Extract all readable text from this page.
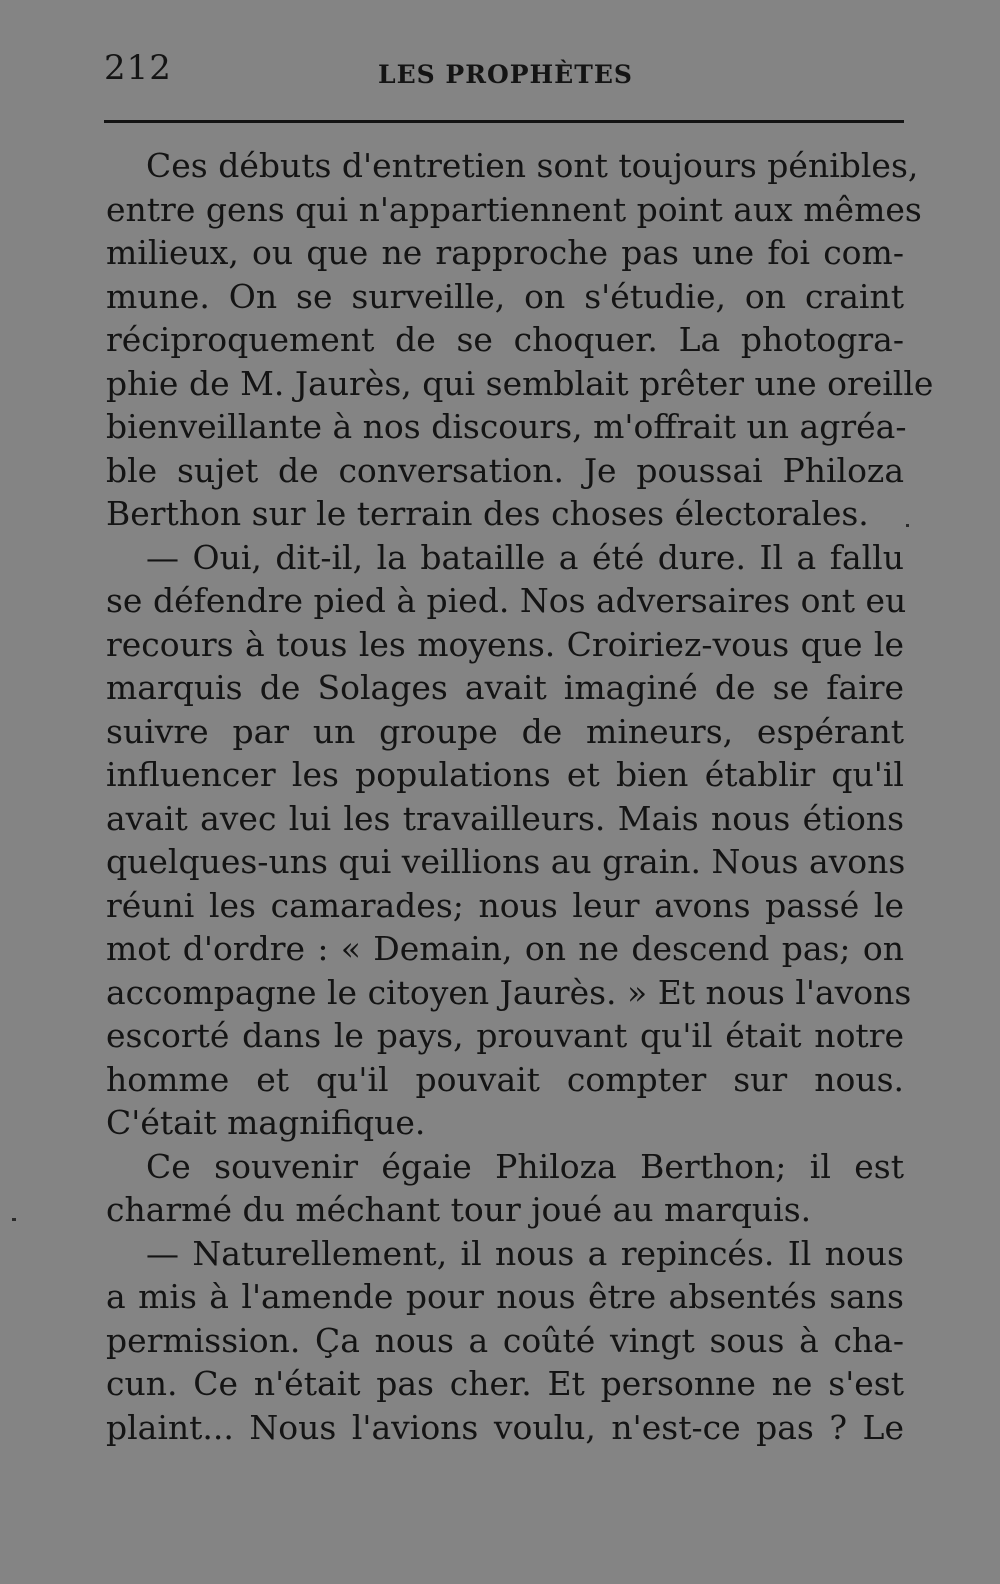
212	LES PROPHÈTES
Ces débuts d'entretien sont toujours pénibles,
entre gens qui n'appartiennent point aux mêmes
milieux, ou que ne rapproche pas une foi com-
mune. On se surveille, on s'étudie, on craint
réciproquement de se choquer. La photogra-
phie de M. Jaurès, qui semblait prêter une oreille
bienveillante à nos discours, m'offrait un agréa-
ble sujet de conversation. Je poussai Philoza
Berthon sur le terrain des choses électorales.
— Oui, dit-il, la bataille a été dure. Il a fallu
se défendre pied à pied. Nos adversaires ont eu
recours à tous les moyens. Croiriez-vous que le
marquis de Solages avait imaginé de se faire
suivre par un groupe de mineurs, espérant
influencer les populations et bien établir qu'il
avait avec lui les travailleurs. Mais nous étions
quelques-uns qui veillions au grain. Nous avons
réuni les camarades; nous leur avons passé le
mot d'ordre : « Demain, on ne descend pas; on
accompagne le citoyen Jaurès. » Et nous l'avons
escorté dans le pays, prouvant qu'il était notre
homme et qu'il pouvait compter sur nous.
C'était magnifique.
Ce souvenir égaie Philoza Berthon; il est
charmé du méchant tour joué au marquis.
— Naturellement, il nous a repincés. Il nous
a mis à l'amende pour nous être absentés sans
permission. Ça nous a coûté vingt sous à cha-
cun. Ce n'était pas cher. Et personne ne s'est
plaint... Nous l'avions voulu, n'est-ce pas ? Le
